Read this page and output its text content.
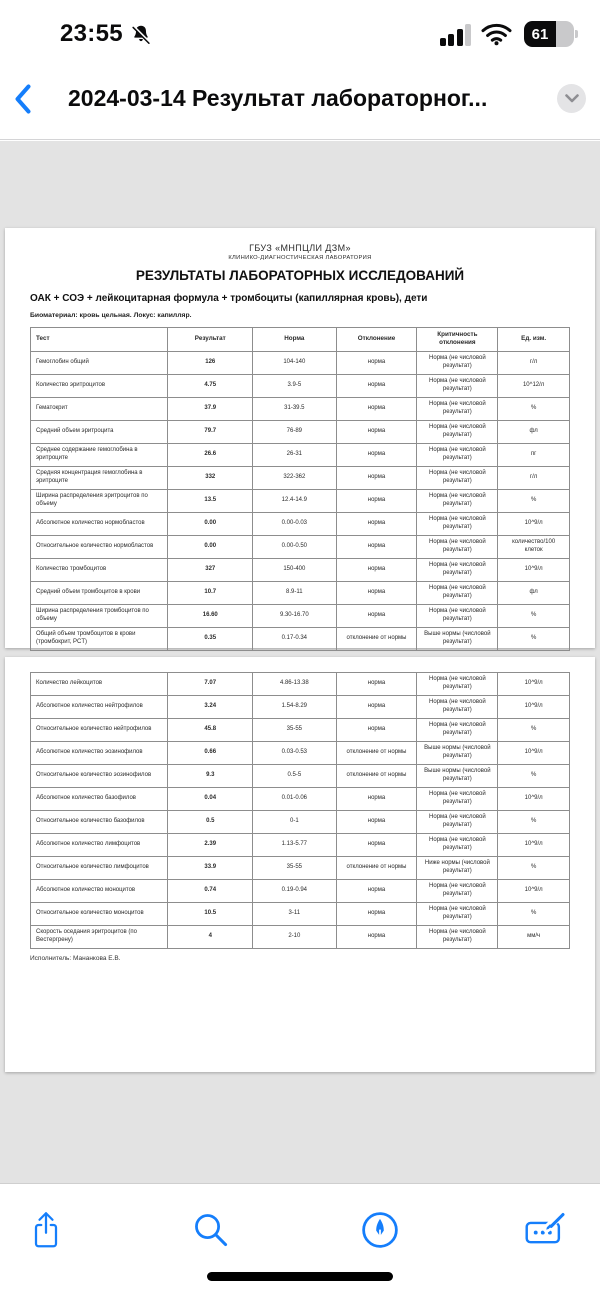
23:55	61
2024-03-14 Результат лабораторног...
ГБУЗ «МНПЦЛИ ДЗМ»
КЛИНИКО-ДИАГНОСТИЧЕСКАЯ ЛАБОРАТОРИЯ
РЕЗУЛЬТАТЫ ЛАБОРАТОРНЫХ ИССЛЕДОВАНИЙ
ОАК + СОЭ + лейкоцитарная формула + тромбоциты (капиллярная кровь), дети
Биоматериал: кровь цельная. Локус: капилляр.
Тест	Результат	Норма	Отклонение	Критичность отклонения	Ед. изм.
Гемоглобин общий	126	104-140	норма	Норма (не числовой результат)	г/л
Количество эритроцитов	4.75	3.9-5	норма	Норма (не числовой результат)	10^12/л
Гематокрит	37.9	31-39.5	норма	Норма (не числовой результат)	%
Средний объем эритроцита	79.7	76-89	норма	Норма (не числовой результат)	фл
Среднее содержание гемоглобина в эритроците	26.6	26-31	норма	Норма (не числовой результат)	пг
Средняя концентрация гемоглобина в эритроците	332	322-362	норма	Норма (не числовой результат)	г/л
Ширина распределения эритроцитов по объему	13.5	12.4-14.9	норма	Норма (не числовой результат)	%
Абсолютное количество нормобластов	0.00	0.00-0.03	норма	Норма (не числовой результат)	10^9/л
Относительное количество нормобластов	0.00	0.00-0.50	норма	Норма (не числовой результат)	количество/100 клеток
Количество тромбоцитов	327	150-400	норма	Норма (не числовой результат)	10^9/л
Средний объем тромбоцитов в крови	10.7	8.9-11	норма	Норма (не числовой результат)	фл
Ширина распределения тромбоцитов по объему	16.60	9.30-16.70	норма	Норма (не числовой результат)	%
Общий объем тромбоцитов в крови (тромбокрит, PCT)	0.35	0.17-0.34	отклонение от нормы	Выше нормы (числовой результат)	%
Количество лейкоцитов	7.07	4.86-13.38	норма	Норма (не числовой результат)	10^9/л
Абсолютное количество нейтрофилов	3.24	1.54-8.29	норма	Норма (не числовой результат)	10^9/л
Относительное количество нейтрофилов	45.8	35-55	норма	Норма (не числовой результат)	%
Абсолютное количество эозинофилов	0.66	0.03-0.53	отклонение от нормы	Выше нормы (числовой результат)	10^9/л
Относительное количество эозинофилов	9.3	0.5-5	отклонение от нормы	Выше нормы (числовой результат)	%
Абсолютное количество базофилов	0.04	0.01-0.06	норма	Норма (не числовой результат)	10^9/л
Относительное количество базофилов	0.5	0-1	норма	Норма (не числовой результат)	%
Абсолютное количество лимфоцитов	2.39	1.13-5.77	норма	Норма (не числовой результат)	10^9/л
Относительное количество лимфоцитов	33.9	35-55	отклонение от нормы	Ниже нормы (числовой результат)	%
Абсолютное количество моноцитов	0.74	0.19-0.94	норма	Норма (не числовой результат)	10^9/л
Относительное количество моноцитов	10.5	3-11	норма	Норма (не числовой результат)	%
Скорость оседания эритроцитов (по Вестергрену)	4	2-10	норма	Норма (не числовой результат)	мм/ч
Исполнитель: Мананкова Е.В.
